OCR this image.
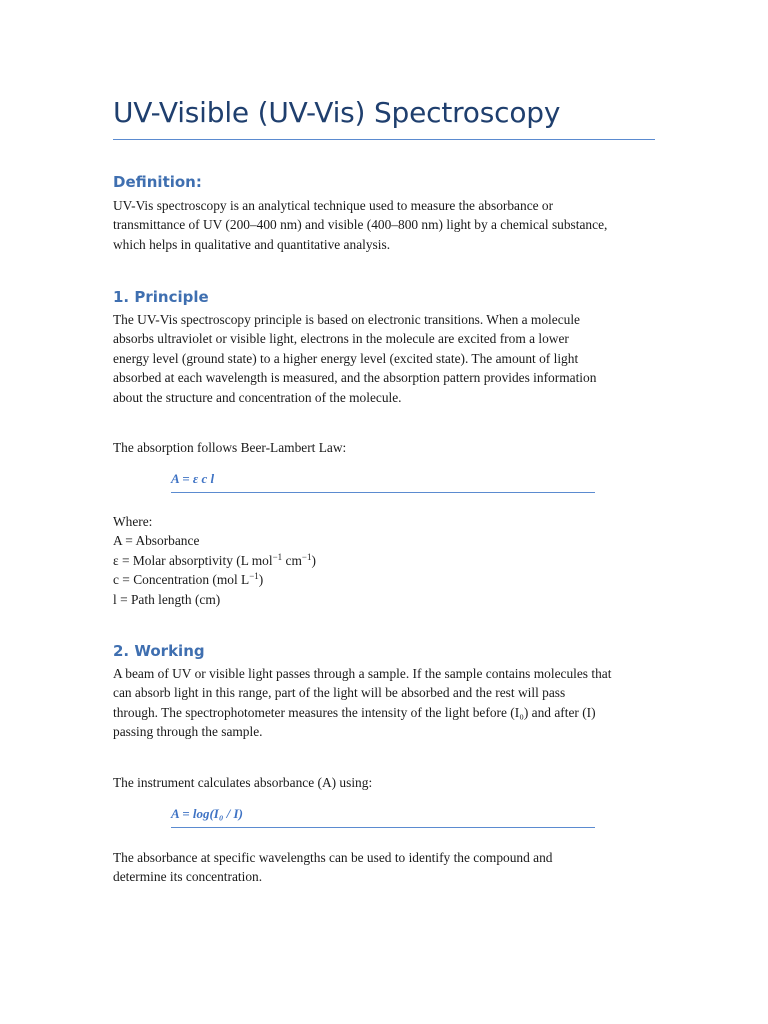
UV-Visible (UV-Vis) Spectroscopy
Definition:

UV-Vis spectroscopy is an analytical technique used to measure the absorbance or
transmittance of UV (200–400 nm) and visible (400–800 nm) light by a chemical substance,
which helps in qualitative and quantitative analysis.

1. Principle

The UV-Vis spectroscopy principle is based on electronic transitions. When a molecule
absorbs ultraviolet or visible light, electrons in the molecule are excited from a lower
energy level (ground state) to a higher energy level (excited state). The amount of light
absorbed at each wavelength is measured, and the absorption pattern provides information
about the structure and concentration of the molecule.

The absorption follows Beer-Lambert Law:

A = ε c l

Where:
A = Absorbance
ε = Molar absorptivity (L mol$^{-1}$ $cm^{-1}$)
c = Concentration (mol $L^{-1}$)
l = Path length (cm)

2. Working

A beam of UV or visible light passes through a sample. If the sample contains molecules that
can absorb light in this range, part of the light will be absorbed and the rest will pass
through. The spectrophotometer measures the intensity of the light before (I₀) and after (I)
passing through the sample.

The instrument calculates absorbance (A) using:

A = log(I₀ / I)

The absorbance at specific wavelengths can be used to identify the compound and
determine its concentration.
